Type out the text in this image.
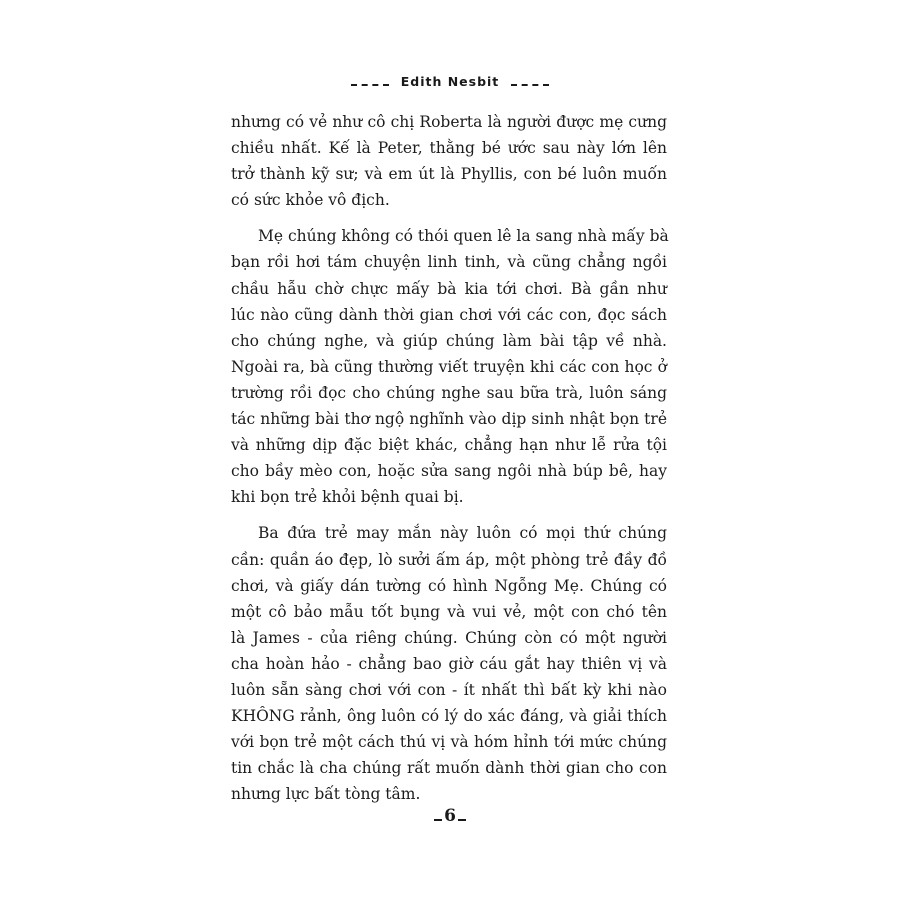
Edith Nesbit
nhưng có vẻ như cô chị Roberta là người được mẹ cưng
chiều nhất. Kế là Peter, thằng bé ước sau này lớn lên
trở thành kỹ sư; và em út là Phyllis, con bé luôn muốn
có sức khỏe vô địch.
Mẹ chúng không có thói quen lê la sang nhà mấy bà
bạn rồi hơi tám chuyện linh tinh, và cũng chẳng ngồi
chầu hẫu chờ chực mấy bà kia tới chơi. Bà gần như
lúc nào cũng dành thời gian chơi với các con, đọc sách
cho chúng nghe, và giúp chúng làm bài tập về nhà.
Ngoài ra, bà cũng thường viết truyện khi các con học ở
trường rồi đọc cho chúng nghe sau bữa trà, luôn sáng
tác những bài thơ ngộ nghĩnh vào dịp sinh nhật bọn trẻ
và những dịp đặc biệt khác, chẳng hạn như lễ rửa tội
cho bầy mèo con, hoặc sửa sang ngôi nhà búp bê, hay
khi bọn trẻ khỏi bệnh quai bị.
Ba đứa trẻ may mắn này luôn có mọi thứ chúng
cần: quần áo đẹp, lò sưởi ấm áp, một phòng trẻ đầy đồ
chơi, và giấy dán tường có hình Ngỗng Mẹ. Chúng có
một cô bảo mẫu tốt bụng và vui vẻ, một con chó tên
là James - của riêng chúng. Chúng còn có một người
cha hoàn hảo - chẳng bao giờ cáu gắt hay thiên vị và
luôn sẵn sàng chơi với con - ít nhất thì bất kỳ khi nào
KHÔNG rảnh, ông luôn có lý do xác đáng, và giải thích
với bọn trẻ một cách thú vị và hóm hỉnh tới mức chúng
tin chắc là cha chúng rất muốn dành thời gian cho con
nhưng lực bất tòng tâm.
6
